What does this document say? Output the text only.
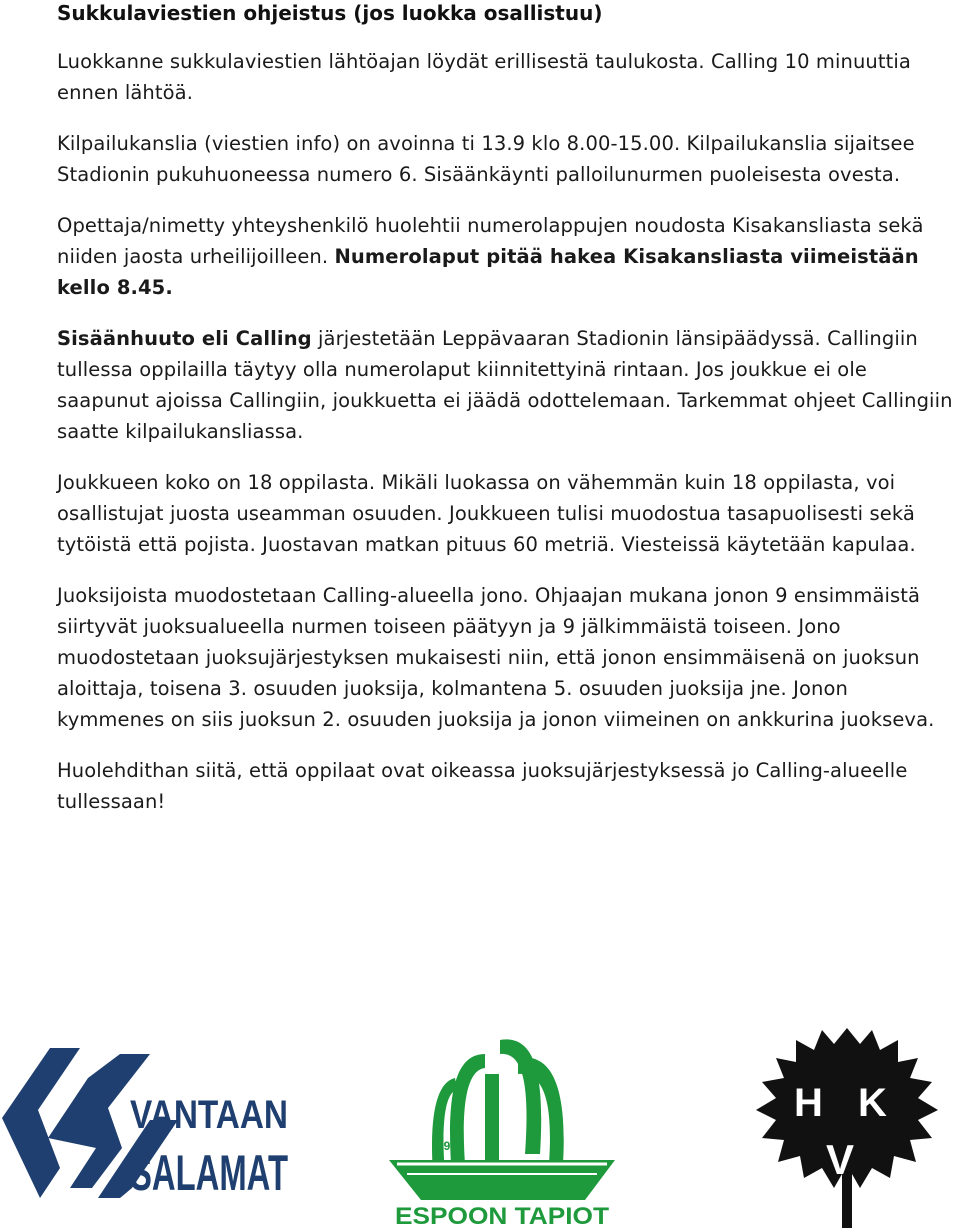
Sukkulaviestien ohjeistus (jos luokka osallistuu)

Luokkanne sukkulaviestien lähtöajan löydät erillisestä taulukosta. Calling 10 minuuttia ennen lähtöä.

Kilpailukanslia (viestien info) on avoinna ti 13.9 klo 8.00-15.00. Kilpailukanslia sijaitsee Stadionin pukuhuoneessa numero 6. Sisäänkäynti palloilunurmen puoleisesta ovesta.

Opettaja/nimetty yhteyshenkilö huolehtii numerolappujen noudosta Kisakansliasta sekä niiden jaosta urheilijoilleen. Numerolaput pitää hakea Kisakansliasta viimeistään kello 8.45.

Sisäänhuuto eli Calling järjestetään Leppävaaran Stadionin länsipäädyssä. Callingiin tullessa oppilailla täytyy olla numerolaput kiinnitettyinä rintaan. Jos joukkue ei ole saapunut ajoissa Callingiin, joukkuetta ei jäädä odottelemaan. Tarkemmat ohjeet Callingiin saatte kilpailukansliassa.

Joukkueen koko on 18 oppilasta. Mikäli luokassa on vähemmän kuin 18 oppilasta, voi osallistujat juosta useamman osuuden. Joukkueen tulisi muodostua tasapuolisesti sekä tytöistä että pojista. Juostavan matkan pituus 60 metriä. Viesteissä käytetään kapulaa.

Juoksijoista muodostetaan Calling-alueella jono. Ohjaajan mukana jonon 9 ensimmäistä siirtyvät juoksualueella nurmen toiseen päätyyn ja 9 jälkimmäistä toiseen. Jono muodostetaan juoksujärjestyksen mukaisesti niin, että jonon ensimmäisenä on juoksun aloittaja, toisena 3. osuuden juoksija, kolmantena 5. osuuden juoksija jne. Jonon kymmenes on siis juoksun 2. osuuden juoksija ja jonon viimeinen on ankkurina juokseva.

Huolehdithan siitä, että oppilaat ovat oikeassa juoksujärjestyksessä jo Calling-alueelle tullessaan!

VANTAAN
SALAMAT	1965
ESPOON TAPIOT
H K
V
